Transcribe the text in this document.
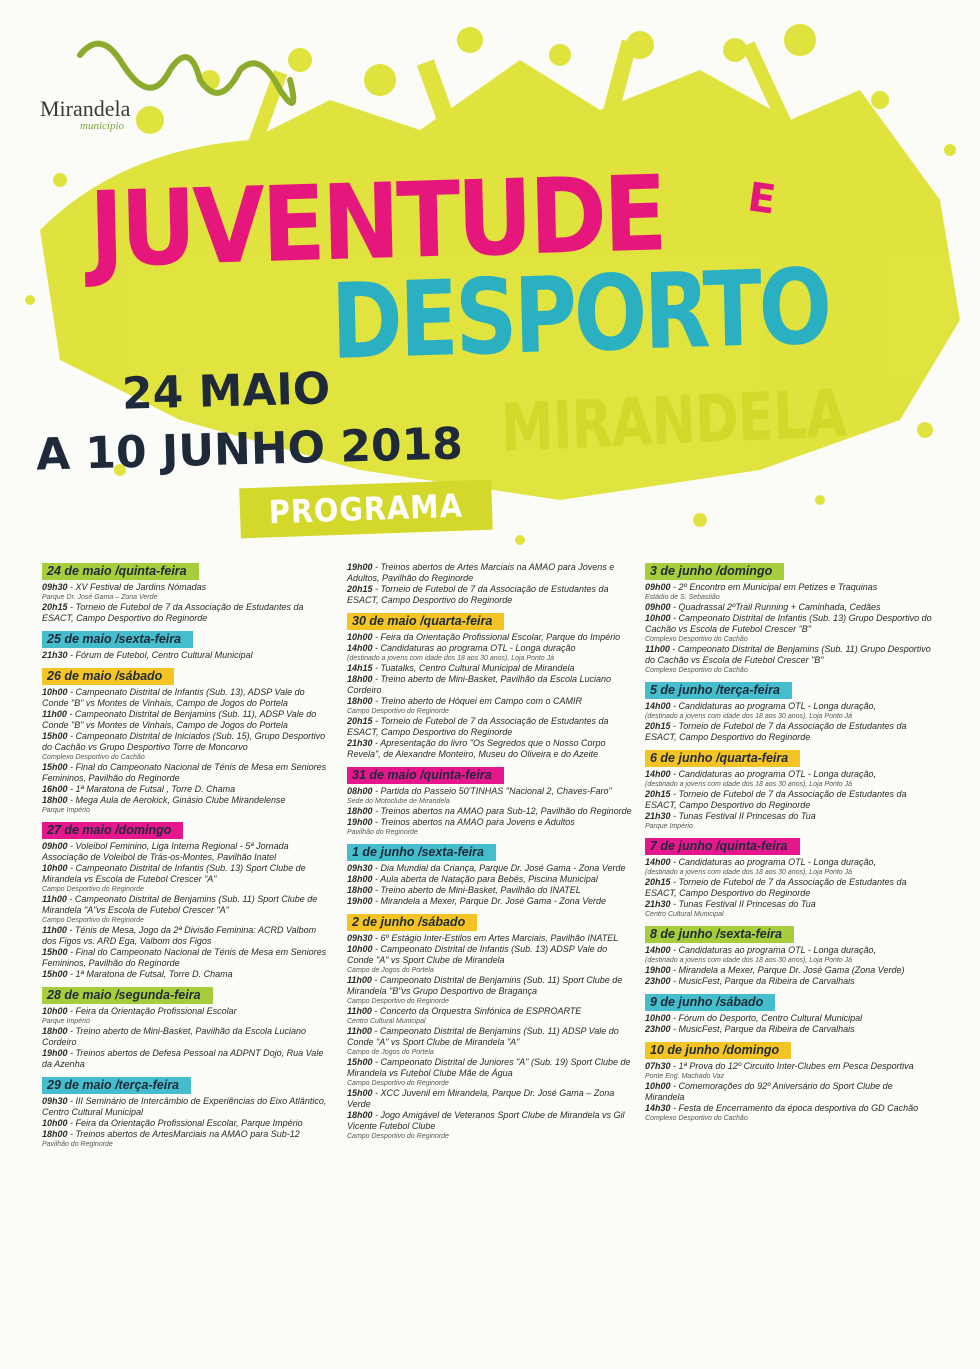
Mirandela
município
JUVENTUDE E
DESPORTO
24 MAIO
A 10 JUNHO 2018 MIRANDELA
PROGRAMA
24 de maio /quinta-feira

09h30 - XV Festival de Jardins Nómadas
Parque Dr. José Gama – Zona Verde

20h15 - Torneio de Futebol de 7 da Associação de Estudantes da ESACT, Campo Desportivo do Reginorde

25 de maio /sexta-feira

21h30 - Fórum de Futebol, Centro Cultural Municipal

26 de maio /sábado

10h00 - Campeonato Distrital de Infantis (Sub. 13), ADSP Vale do Conde "B" vs Montes de Vinhais, Campo de Jogos do Portela

11h00 - Campeonato Distrital de Benjamins (Sub. 11), ADSP Vale do Conde "B" vs Montes de Vinhais, Campo de Jogos do Portela

15h00 - Campeonato Distrital de Iniciados (Sub. 15), Grupo Desportivo do Cachão vs Grupo Desportivo Torre de Moncorvo
Complexo Desportivo do Cachão

15h00 - Final do Campeonato Nacional de Ténis de Mesa em Seniores Femininos, Pavilhão do Reginorde

16h00 - 1ª Maratona de Futsal , Torre D. Chama

18h00 - Mega Aula de Aerokick, Ginásio Clube Mirandelense
Parque Império

27 de maio /domingo

09h00 - Voleibol Feminino, Liga Interna Regional - 5ª Jornada Associação de Voleibol de Trás-os-Montes, Pavilhão Inatel

10h00 - Campeonato Distrital de Infantis (Sub. 13) Sport Clube de Mirandela vs Escola de Futebol Crescer "A"
Campo Desportivo do Reginorde

11h00 - Campeonato Distrital de Benjamins (Sub. 11) Sport Clube de Mirandela "A"vs Escola de Futebol Crescer "A"
Campo Desportivo do Reginorde

11h00 - Ténis de Mesa, Jogo da 2ª Divisão Feminina: ACRD Valbom dos Figos vs. ARD Ega, Valbom dos Figos

15h00 - Final do Campeonato Nacional de Ténis de Mesa em Seniores Femininos, Pavilhão do Reginorde

15h00 - 1ª Maratona de Futsal, Torre D. Chama

28 de maio /segunda-feira

10h00 - Feira da Orientação Profissional Escolar
Parque Império

18h00 - Treino aberto de Mini-Basket, Pavilhão da Escola Luciano Cordeiro

19h00 - Treinos abertos de Defesa Pessoal na ADPNT Dojo, Rua Vale da Azenha

29 de maio /terça-feira

09h30 - III Seminário de Intercâmbio de Experiências do Eixo Atlântico, Centro Cultural Municipal

10h00 - Feira da Orientação Profissional Escolar, Parque Império

18h00 - Treinos abertos de ArtesMarciais na AMAO para Sub-12
Pavilhão do Reginorde

19h00 - Treinos abertos de Artes Marciais na AMAO para Jovens e Adultos, Pavilhão do Reginorde

20h15 - Torneio de Futebol de 7 da Associação de Estudantes da ESACT, Campo Desportivo do Reginorde

30 de maio /quarta-feira

10h00 - Feira da Orientação Profissional Escolar, Parque do Império

14h00 - Candidaturas ao programa OTL - Longa duração
(destinado a jovens com idade dos 18 aos 30 anos), Loja Ponto Já

14h15 - Tuatalks, Centro Cultural Municipal de Mirandela

18h00 - Treino aberto de Mini-Basket, Pavilhão da Escola Luciano Cordeiro

18h00 - Treino aberto de Hóquei em Campo com o CAMIR
Campo Desportivo do Reginorde

20h15 - Torneio de Futebol de 7 da Associação de Estudantes da ESACT, Campo Desportivo do Reginorde

21h30 - Apresentação do livro "Os Segredos que o Nosso Corpo Revela", de Alexandre Monteiro, Museu do Oliveira e do Azeite

31 de maio /quinta-feira

08h00 - Partida do Passeio 50'TINHAS "Nacional 2, Chaves-Faro"
Sede do Motoclube de Mirandela

18h00 - Treinos abertos na AMAO para Sub-12, Pavilhão do Reginorde

19h00 - Treinos abertos na AMAO para Jovens e Adultos
Pavilhão do Reginorde

1 de junho /sexta-feira

09h30 - Dia Mundial da Criança, Parque Dr. José Gama - Zona Verde

18h00 - Aula aberta de Natação para Bebés, Piscina Municipal

18h00 - Treino aberto de Mini-Basket, Pavilhão do INATEL

19h00 - Mirandela a Mexer, Parque Dr. José Gama - Zona Verde

2 de junho /sábado

09h30 - 6º Estágio Inter-Estilos em Artes Marciais, Pavilhão INATEL

10h00 - Campeonato Distrital de Infantis (Sub. 13) ADSP Vale do Conde "A" vs Sport Clube de Mirandela
Campo de Jogos do Portela

11h00 - Campeonato Distrital de Benjamins (Sub. 11) Sport Clube de Mirandela "B"vs Grupo Desportivo de Bragança
Campo Desportivo do Reginorde

11h00 - Concerto da Orquestra Sinfónica de ESPROARTE
Centro Cultural Municipal

11h00 - Campeonato Distrital de Benjamins (Sub. 11) ADSP Vale do Conde "A" vs Sport Clube de Mirandela "A"
Campo de Jogos do Portela

15h00 - Campeonato Distrital de Juniores "A" (Sub. 19) Sport Clube de Mirandela vs Futebol Clube Mãe de Água
Campo Desportivo do Reginorde

15h00 - XCC Juvenil em Mirandela, Parque Dr. José Gama – Zona Verde

18h00 - Jogo Amigável de Veteranos Sport Clube de Mirandela vs Gil Vicente Futebol Clube
Campo Desportivo do Reginorde

3 de junho /domingo

09h00 - 2º Encontro em Municipal em Petizes e Traquinas
Estádio de S. Sebastião

09h00 - Quadrassal 2ºTrail Running + Caminhada, Cedães

10h00 - Campeonato Distrital de Infantis (Sub. 13) Grupo Desportivo do Cachão vs Escola de Futebol Crescer "B"
Complexo Desportivo do Cachão

11h00 - Campeonato Distrital de Benjamins (Sub. 11) Grupo Desportivo do Cachão vs Escola de Futebol Crescer "B"
Complexo Desportivo do Cachão

5 de junho /terça-feira

14h00 - Candidaturas ao programa OTL - Longa duração,
(destinado a jovens com idade dos 18 aos 30 anos), Loja Ponto Já

20h15 - Torneio de Futebol de 7 da Associação de Estudantes da ESACT, Campo Desportivo do Reginorde

6 de junho /quarta-feira

14h00 - Candidaturas ao programa OTL - Longa duração,
(destinado a jovens com idade dos 18 aos 30 anos), Loja Ponto Já

20h15 - Torneio de Futebol de 7 da Associação de Estudantes da ESACT, Campo Desportivo do Reginorde

21h30 - Tunas Festival II Princesas do Tua
Parque Império

7 de junho /quinta-feira

14h00 - Candidaturas ao programa OTL - Longa duração,
(destinado a jovens com idade dos 18 aos 30 anos), Loja Ponto Já

20h15 - Torneio de Futebol de 7 da Associação de Estudantes da ESACT, Campo Desportivo do Reginorde

21h30 - Tunas Festival II Princesas do Tua
Centro Cultural Municipal

8 de junho /sexta-feira

14h00 - Candidaturas ao programa OTL - Longa duração,
(destinado a jovens com idade dos 18 aos 30 anos), Loja Ponto Já

19h00 - Mirandela a Mexer, Parque Dr. José Gama (Zona Verde)

23h00 - MusicFest, Parque da Ribeira de Carvalhais

9 de junho /sábado

10h00 - Fórum do Desporto, Centro Cultural Municipal

23h00 - MusicFest, Parque da Ribeira de Carvalhais

10 de junho /domingo

07h30 - 1ª Prova do 12º Circuito Inter-Clubes em Pesca Desportiva
Ponte Eng. Machado Vaz

10h00 - Comemorações do 92º Aniversário do Sport Clube de Mirandela

14h30 - Festa de Encerramento da época desportiva do GD Cachão
Complexo Desportivo do Cachão
